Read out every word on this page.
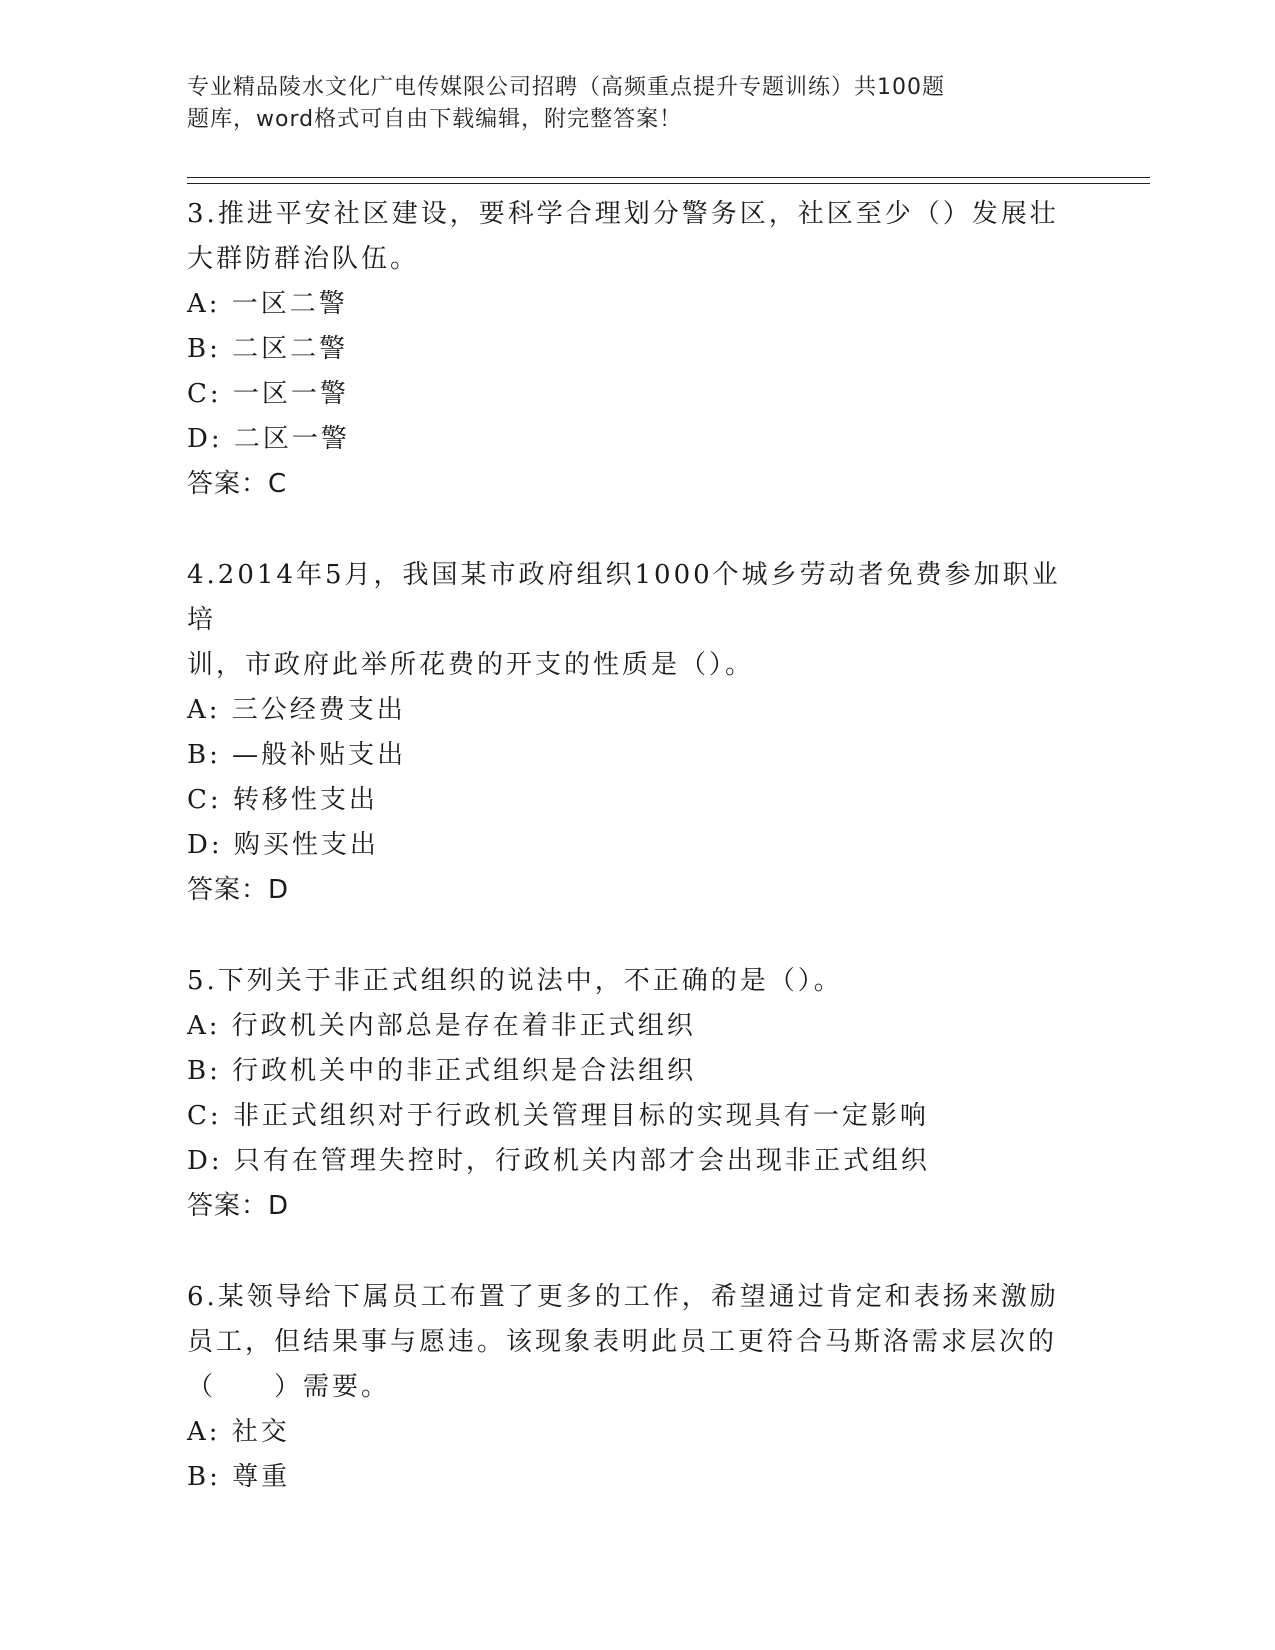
专业精品陵水文化广电传媒限公司招聘（高频重点提升专题训练）共100题
题库，word格式可自由下载编辑，附完整答案！
3.推进平安社区建设，要科学合理划分警务区，社区至少（）发展壮
大群防群治队伍。
A: 一区二警
B: 二区二警
C: 一区一警
D: 二区一警
答案：C
4.2014年5月，我国某市政府组织1000个城乡劳动者免费参加职业培
训，市政府此举所花费的开支的性质是（）。
A: 三公经费支出
B: —般补贴支出
C: 转移性支出
D: 购买性支出
答案：D
5.下列关于非正式组织的说法中，不正确的是（）。
A: 行政机关内部总是存在着非正式组织
B: 行政机关中的非正式组织是合法组织
C: 非正式组织对于行政机关管理目标的实现具有一定影响
D: 只有在管理失控时，行政机关内部才会出现非正式组织
答案：D
6.某领导给下属员工布置了更多的工作，希望通过肯定和表扬来激励
员工，但结果事与愿违。该现象表明此员工更符合马斯洛需求层次的
（　　）需要。
A: 社交
B: 尊重
